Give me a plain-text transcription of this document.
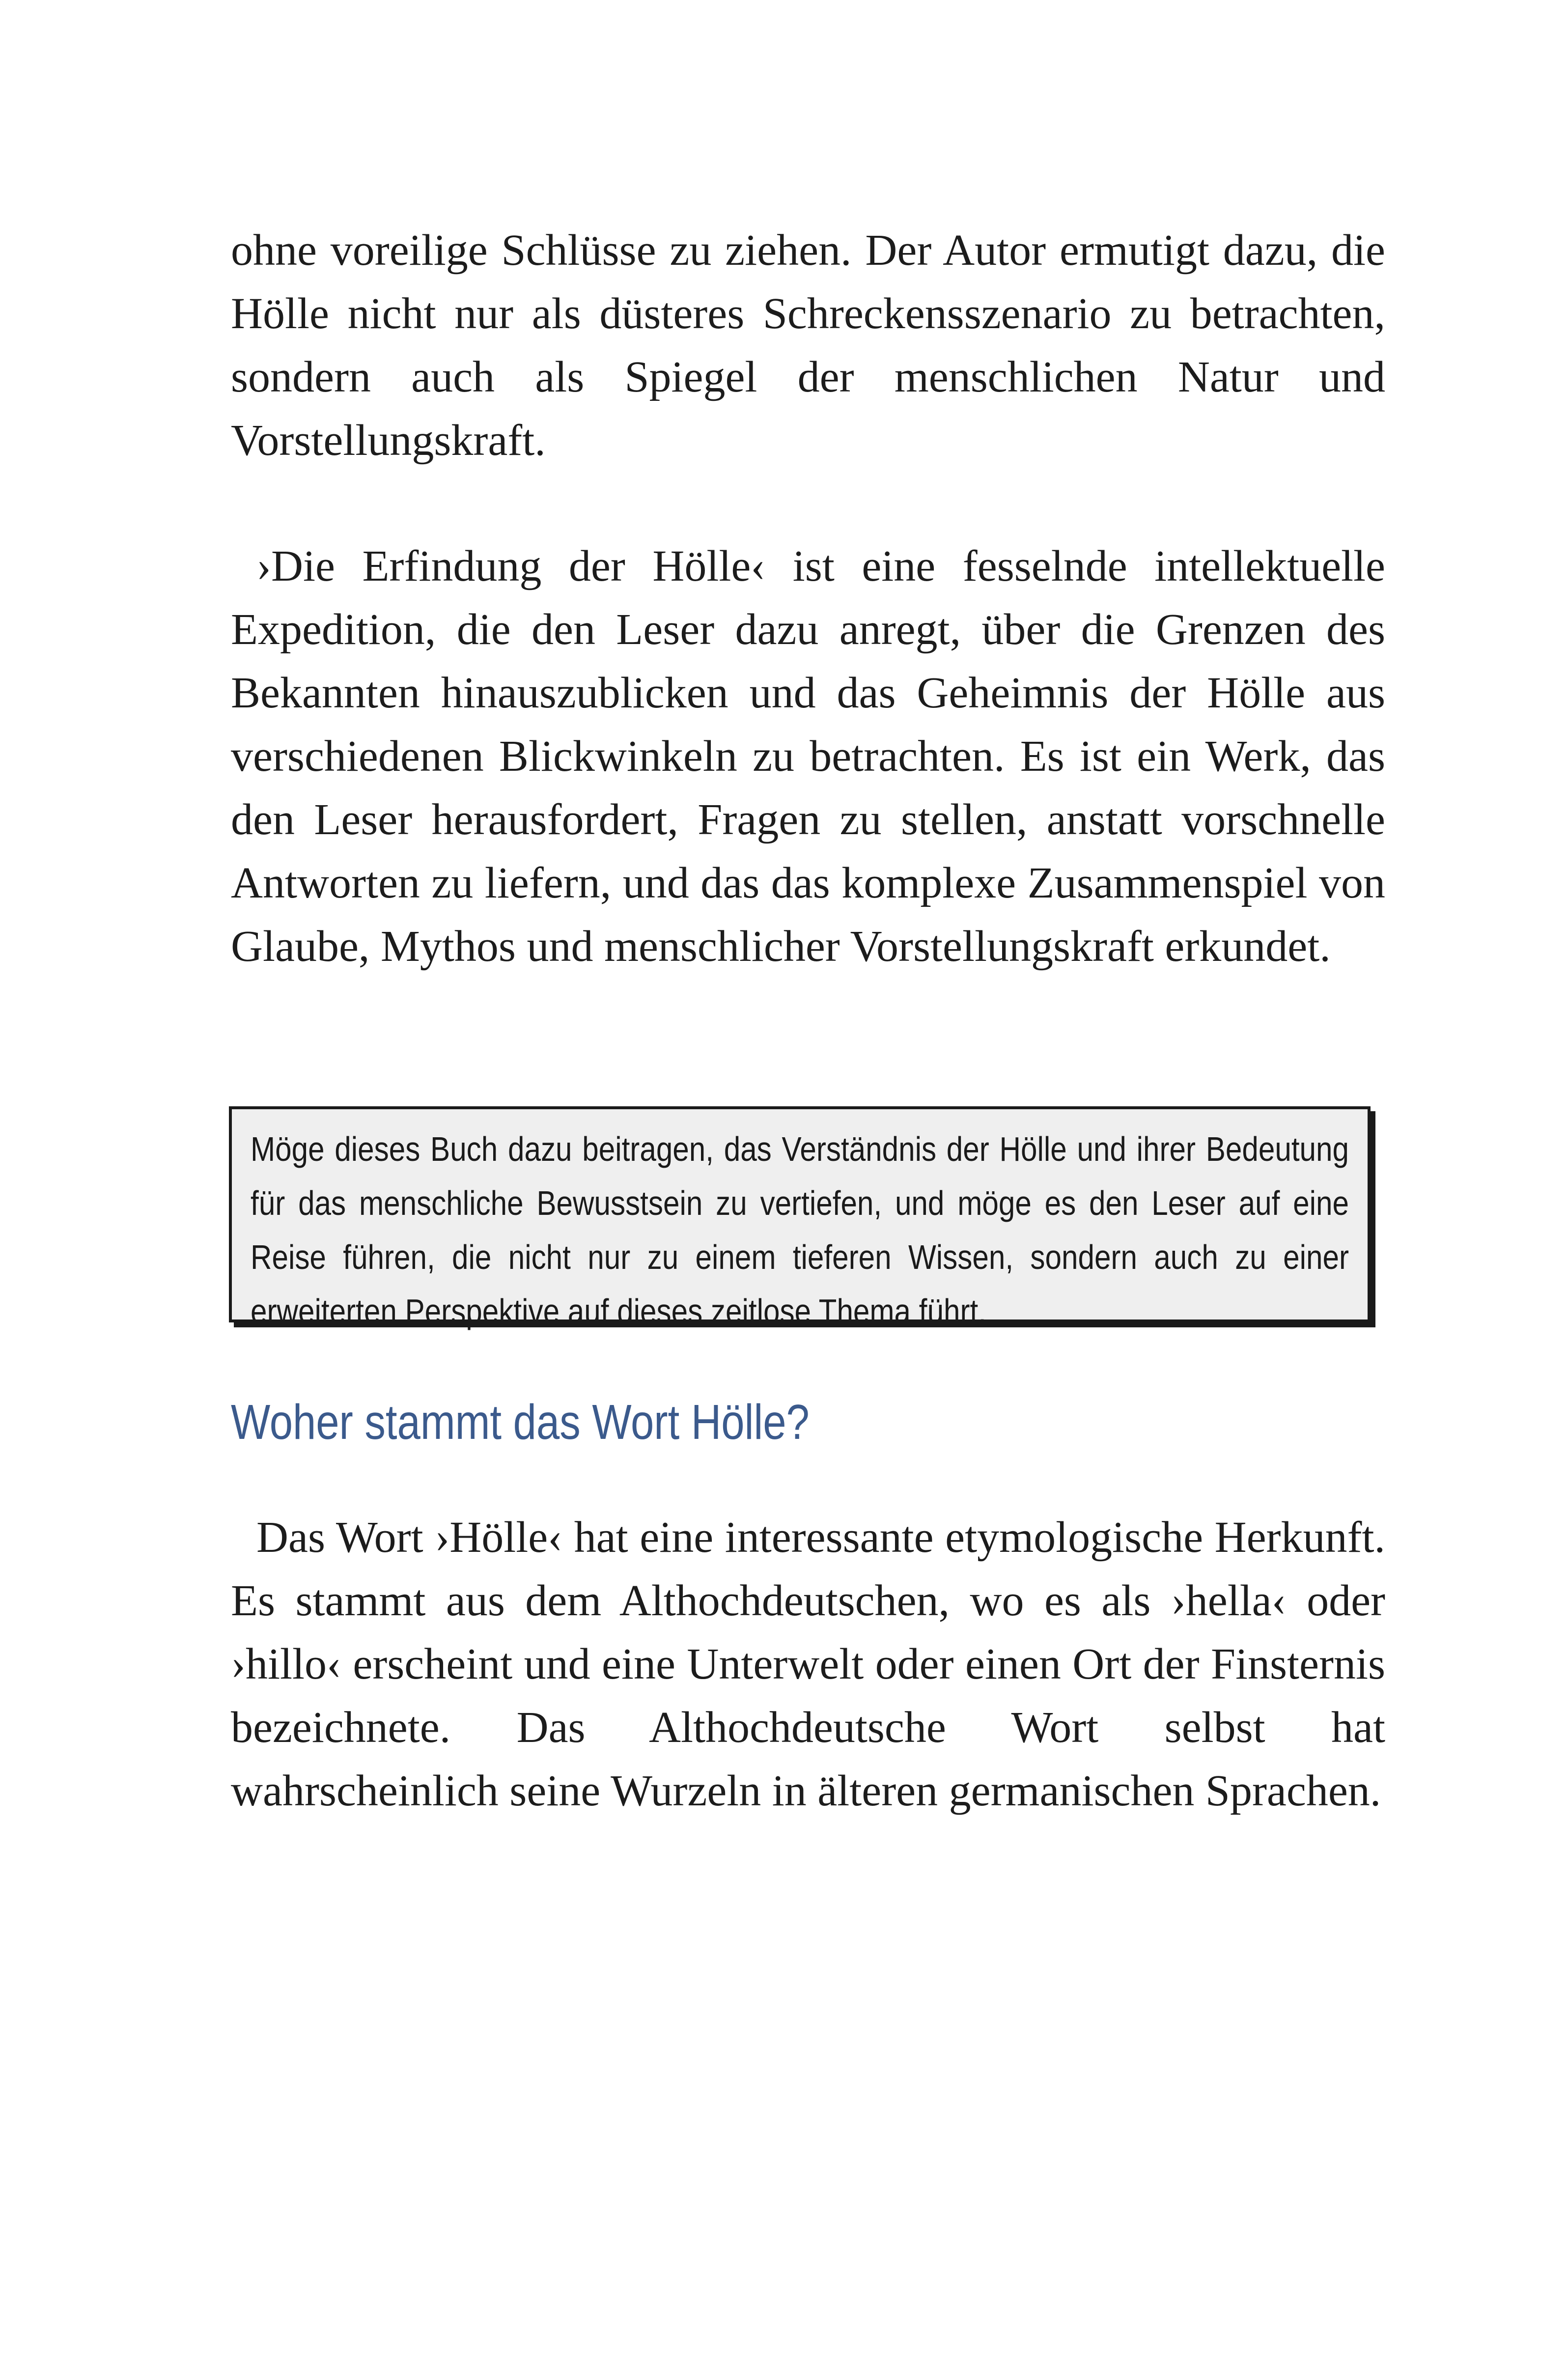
ohne voreilige Schlüsse zu ziehen. Der Autor ermutigt dazu, die Hölle nicht nur als düsteres Schreckensszenario zu betrachten, sondern auch als Spiegel der menschlichen Natur und Vorstellungskraft.

›Die Erfindung der Hölle‹ ist eine fesselnde intellektuelle Expedition, die den Leser dazu anregt, über die Grenzen des Bekannten hinauszublicken und das Geheimnis der Hölle aus verschiedenen Blickwinkeln zu betrachten. Es ist ein Werk, das den Leser herausfordert, Fragen zu stellen, anstatt vorschnelle Antworten zu liefern, und das das komplexe Zusammenspiel von Glaube, Mythos und menschlicher Vorstellungskraft erkundet.

Möge dieses Buch dazu beitragen, das Verständnis der Hölle und ihrer Bedeutung für das menschliche Bewusstsein zu vertiefen, und möge es den Leser auf eine Reise führen, die nicht nur zu einem tieferen Wissen, sondern auch zu einer erweiterten Perspektive auf dieses zeitlose Thema führt.

Woher stammt das Wort Hölle?

Das Wort ›Hölle‹ hat eine interessante etymologische Herkunft. Es stammt aus dem Althochdeutschen, wo es als ›hella‹ oder ›hillo‹ erscheint und eine Unterwelt oder einen Ort der Finsternis bezeichnete. Das Althochdeutsche Wort selbst hat wahrscheinlich seine Wurzeln in älteren germanischen Sprachen.
